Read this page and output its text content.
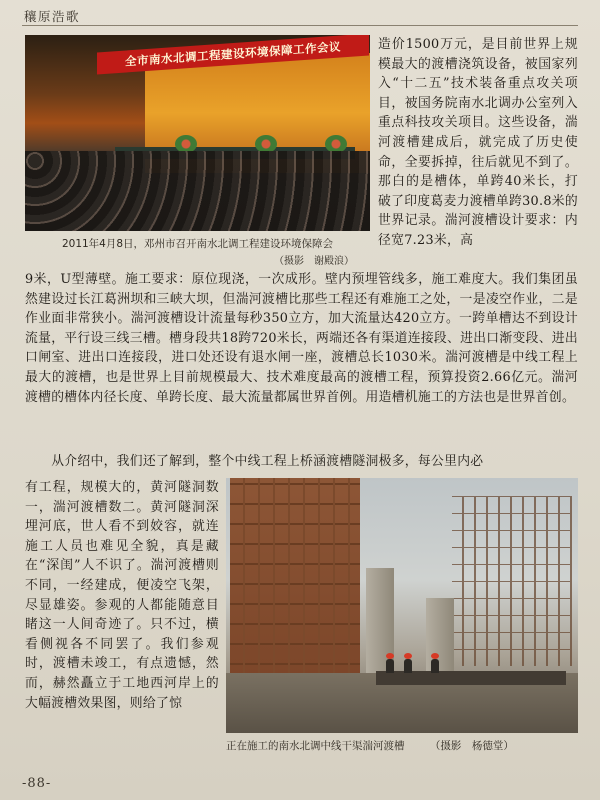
穰原浩歌
全市南水北调工程建设环境保障工作会议
2011年4月8日，邓州市召开南水北调工程建设环境保障会
（摄影　谢殿浪）
造价1500万元，是目前世界上规模最大的渡槽浇筑设备，被国家列入“十二五”技术装备重点攻关项目，被国务院南水北调办公室列入重点科技攻关项目。这些设备，湍河渡槽建成后，就完成了历史使命，全要拆掉，往后就见不到了。那白的是槽体，单跨40米长，打破了印度葛麦力渡槽单跨30.8米的世界记录。湍河渡槽设计要求：内径宽7.23米，高
9米，U型薄壁。施工要求：原位现浇，一次成形。壁内预埋管线多，施工难度大。我们集团虽然建设过长江葛洲坝和三峡大坝，但湍河渡槽比那些工程还有难施工之处，一是凌空作业，二是作业面非常狭小。湍河渡槽设计流量每秒350立方，加大流量达420立方。一跨单槽达不到设计流量，平行设三线三槽。槽身段共18跨720米长，两端还各有渠道连接段、进出口渐变段、进出口闸室、进出口连接段，进口处还设有退水闸一座，渡槽总长1030米。湍河渡槽是中线工程上最大的渡槽，也是世界上目前规模最大、技术难度最高的渡槽工程，预算投资2.66亿元。湍河渡槽的槽体内径长度、单跨长度、最大流量都属世界首例。用造槽机施工的方法也是世界首创。
　　从介绍中，我们还了解到，整个中线工程上桥涵渡槽隧洞极多，每公里内必
有工程，规模大的，黄河隧洞数一，湍河渡槽数二。黄河隧洞深埋河底，世人看不到姣容，就连施工人员也难见全貌，真是藏在“深闺”人不识了。湍河渡槽则不同，一经建成，便凌空飞架，尽显雄姿。参观的人都能随意目睹这一人间奇迹了。只不过，横看侧视各不同罢了。我们参观时，渡槽未竣工，有点遗憾，然而，赫然矗立于工地西河岸上的大幅渡槽效果图，则给了惊
正在施工的南水北调中线干渠湍河渡槽 （摄影　杨德堂）
-88-
